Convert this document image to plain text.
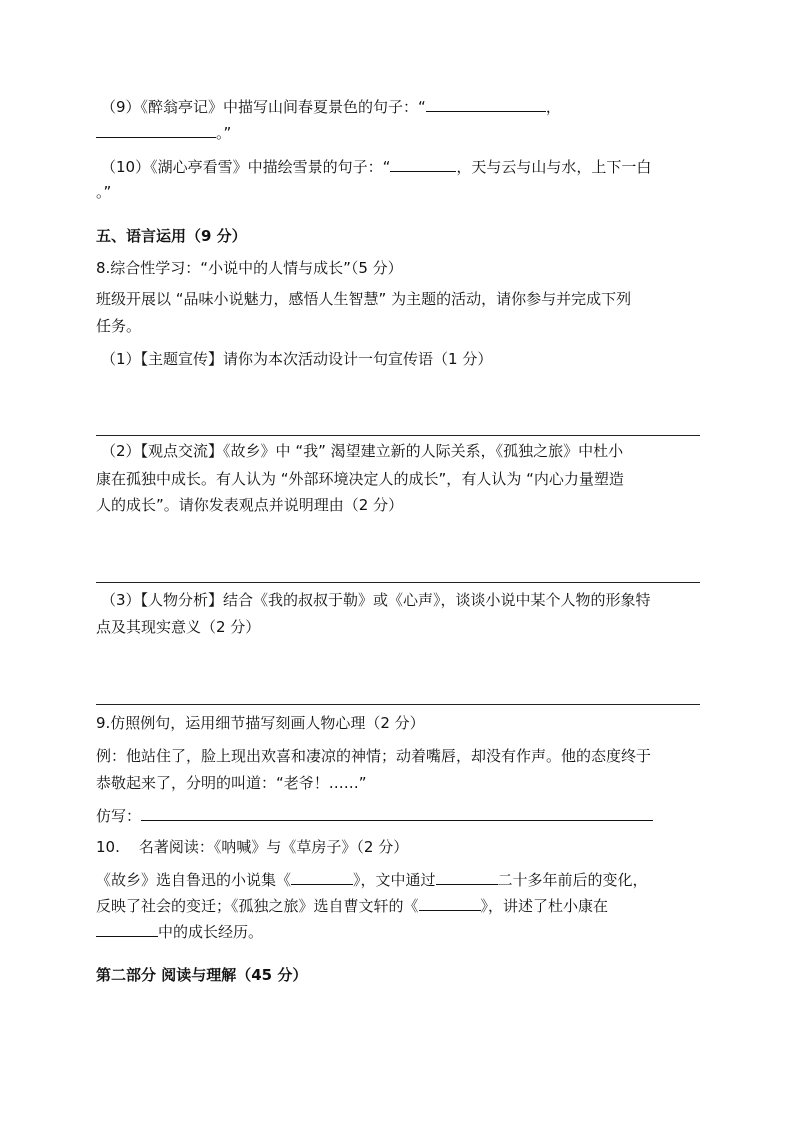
（9）《醉翁亭记》中描写山间春夏景色的句子：“	，
。”
（10）《湖心亭看雪》中描绘雪景的句子：“	，天与云与山与水，上下一白
。”
五、语言运用（9 分）
8.综合性学习：“小说中的人情与成长”（5 分）
班级开展以 “品味小说魅力，感悟人生智慧” 为主题的活动，请你参与并完成下列
任务。
（1）【主题宣传】请你为本次活动设计一句宣传语（1 分）
（2）【观点交流】《故乡》中 “我” 渴望建立新的人际关系，《孤独之旅》中杜小
康在孤独中成长。有人认为 “外部环境决定人的成长”，有人认为 “内心力量塑造
人的成长”。请你发表观点并说明理由（2 分）
（3）【人物分析】结合《我的叔叔于勒》或《心声》，谈谈小说中某个人物的形象特
点及其现实意义（2 分）
9.仿照例句，运用细节描写刻画人物心理（2 分）
例：他站住了，脸上现出欢喜和凄凉的神情；动着嘴唇，却没有作声。他的态度终于
恭敬起来了，分明的叫道：“老爷！……”
仿写：
10.    名著阅读：《呐喊》与《草房子》（2 分）
《故乡》选自鲁迅的小说集《	》，文中通过	二十多年前后的变化，
反映了社会的变迁；《孤独之旅》选自曹文轩的《	》，讲述了杜小康在
中的成长经历。
第二部分 阅读与理解（45 分）
